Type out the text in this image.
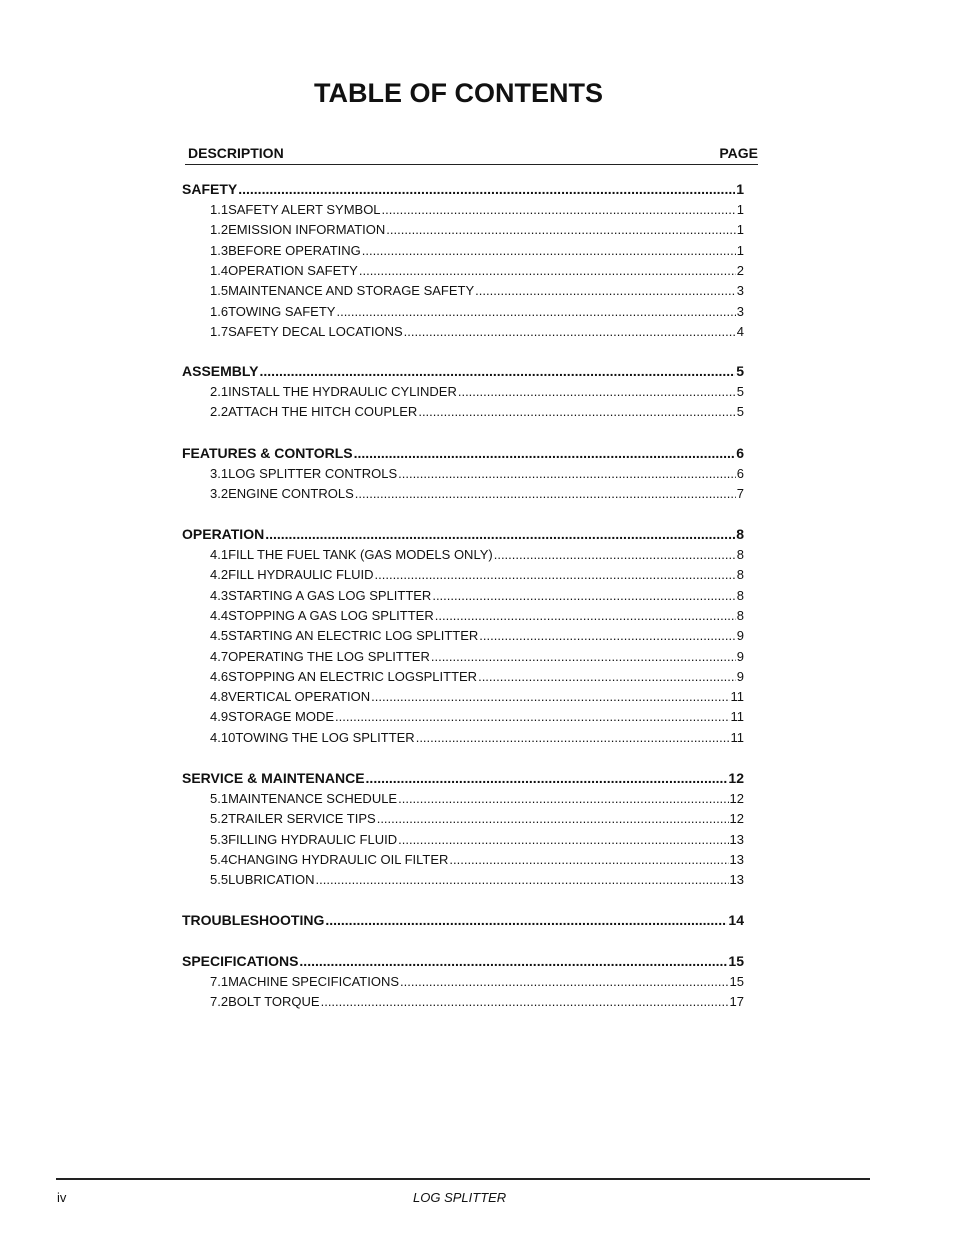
TABLE OF CONTENTS
DESCRIPTION	PAGE
SAFETY .....	1
1.1 SAFETY ALERT SYMBOL .....	1
1.2 EMISSION INFORMATION .....	1
1.3 BEFORE OPERATING .....	1
1.4 OPERATION SAFETY .....	2
1.5 MAINTENANCE AND STORAGE SAFETY .....	3
1.6 TOWING SAFETY .....	3
1.7 SAFETY DECAL LOCATIONS .....	4
ASSEMBLY .....	5
2.1 INSTALL THE HYDRAULIC CYLINDER .....	5
2.2 ATTACH THE HITCH COUPLER .....	5
FEATURES & CONTORLS .....	6
3.1 LOG SPLITTER CONTROLS .....	6
3.2 ENGINE CONTROLS .....	7
OPERATION .....	8
4.1 FILL THE FUEL TANK (GAS MODELS ONLY) .....	8
4.2 FILL HYDRAULIC FLUID .....	8
4.3 STARTING A GAS LOG SPLITTER .....	8
4.4 STOPPING A GAS LOG SPLITTER .....	8
4.5 STARTING AN ELECTRIC LOG SPLITTER .....	9
4.7 OPERATING THE LOG SPLITTER .....	9
4.6 STOPPING AN ELECTRIC LOGSPLITTER .....	9
4.8 VERTICAL OPERATION .....	11
4.9 STORAGE MODE .....	11
4.10 TOWING THE LOG SPLITTER .....	11
SERVICE & MAINTENANCE .....	12
5.1 MAINTENANCE SCHEDULE .....	12
5.2 TRAILER SERVICE TIPS .....	12
5.3 FILLING HYDRAULIC FLUID .....	13
5.4 CHANGING HYDRAULIC OIL FILTER .....	13
5.5 LUBRICATION .....	13
TROUBLESHOOTING .....	14
SPECIFICATIONS .....	15
7.1 MACHINE SPECIFICATIONS .....	15
7.2 BOLT TORQUE .....	17
iv	LOG SPLITTER
